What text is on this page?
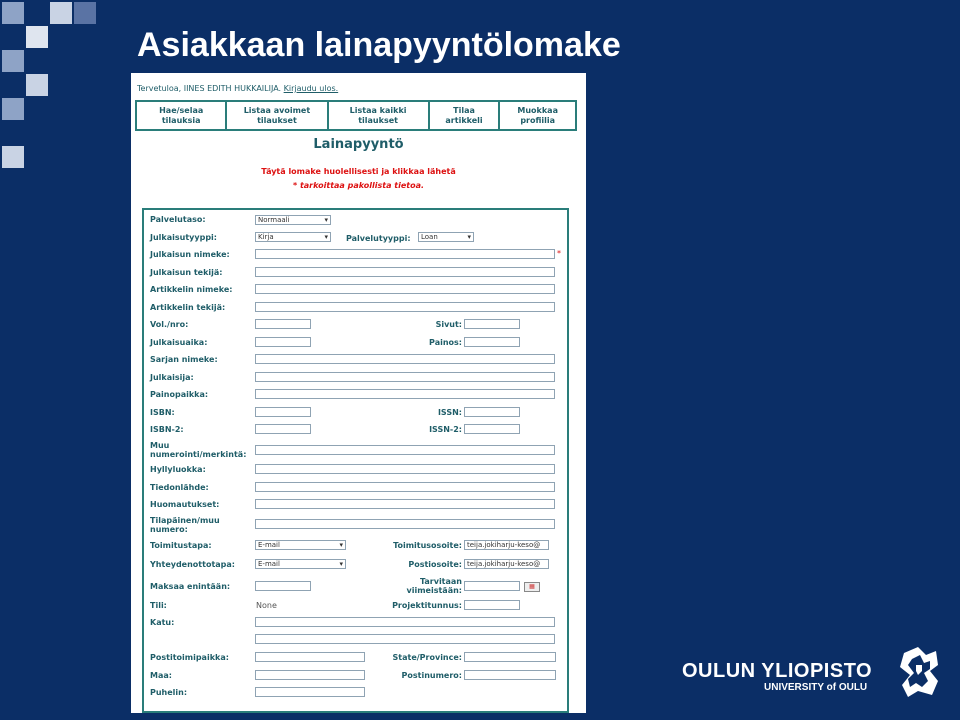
Asiakkaan lainapyyntölomake
Tervetuloa, IINES EDITH HUKKAILIJA. Kirjaudu ulos.
Hae/selaa
tilauksia
Listaa avoimet
tilaukset
Listaa kaikki
tilaukset
Tilaa
artikkeli
Muokkaa
profiilia
Lainapyyntö
Täytä lomake huolellisesti ja klikkaa lähetä
* tarkoittaa pakollista tietoa.
Palvelutaso:	Normaali ▾
Julkaisutyyppi:	Kirja ▾	Palvelutyyppi:	Loan ▾
Julkaisun nimeke:	*
Julkaisun tekijä:
Artikkelin nimeke:
Artikkelin tekijä:
Vol./nro:	Sivut:
Julkaisuaika:	Painos:
Sarjan nimeke:
Julkaisija:
Painopaikka:
ISBN:	ISSN:
ISBN-2:	ISSN-2:
Muu
numerointi/merkintä:
Hyllyluokka:
Tiedonlähde:
Huomautukset:
Tilapäinen/muu
numero:
Toimitustapa:	E-mail ▾	Toimitusosoite: teija.jokiharju-keso@
Yhteydenottotapa:	E-mail ▾	Postiosoite: teija.jokiharju-keso@
Maksaa enintään:
Tarvitaan
viimeistään:	▦
Tili:	None	Projektitunnus:
Katu:
Postitoimipaikka:	State/Province:
Maa:	Postinumero:
Puhelin:
OULUN YLIOPISTO
UNIVERSITY of OULU
